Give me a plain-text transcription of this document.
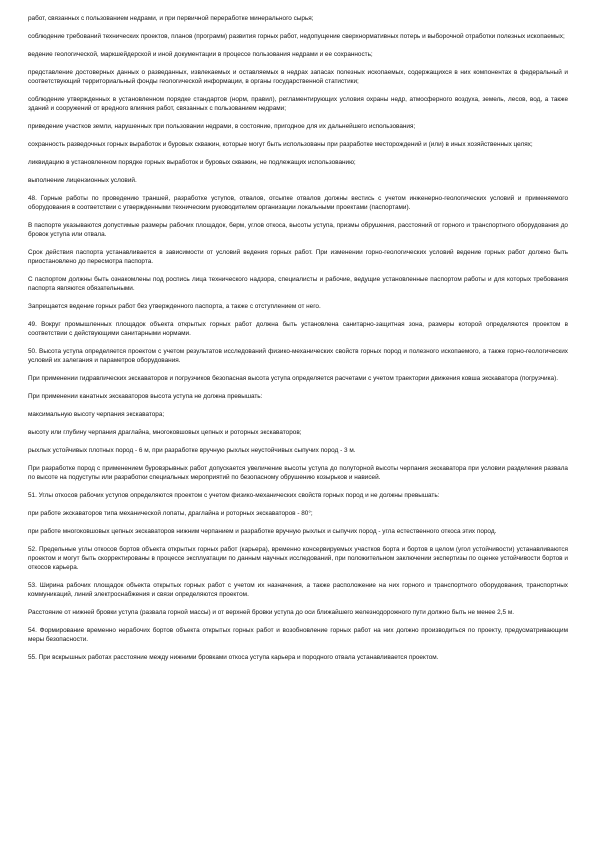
работ, связанных с пользованием недрами, и при первичной переработке минерального сырья;

соблюдение требований технических проектов, планов (программ) развития горных работ, недопущение сверхнормативных потерь и выборочной отработки полезных ископаемых;

ведение геологической, маркшейдерской и иной документации в процессе пользования недрами и ее сохранность;

представление достоверных данных о разведанных, извлекаемых и оставляемых в недрах запасах полезных ископаемых, содержащихся в них компонентах в федеральный и соответствующий территориальный фонды геологической информации, в органы государственной статистики;

соблюдение утвержденных в установленном порядке стандартов (норм, правил), регламентирующих условия охраны недр, атмосферного воздуха, земель, лесов, вод, а также зданий и сооружений от вредного влияния работ, связанных с пользованием недрами;

приведение участков земли, нарушенных при пользовании недрами, в состояние, пригодное для их дальнейшего использования;

сохранность разведочных горных выработок и буровых скважин, которые могут быть использованы при разработке месторождений и (или) в иных хозяйственных целях;

ликвидацию в установленном порядке горных выработок и буровых скважин, не подлежащих использованию;

выполнение лицензионных условий.

48. Горные работы по проведению траншей, разработке уступов, отвалов, отсыпке отвалов должны вестись с учетом инженерно-геологических условий и применяемого оборудования в соответствии с утвержденными техническим руководителем организации локальными проектами (паспортами).

В паспорте указываются допустимые размеры рабочих площадок, берм, углов откоса, высоты уступа, призмы обрушения, расстояний от горного и транспортного оборудования до бровок уступа или отвала.

Срок действия паспорта устанавливается в зависимости от условий ведения горных работ. При изменении горно-геологических условий ведение горных работ должно быть приостановлено до пересмотра паспорта.

С паспортом должны быть ознакомлены под роспись лица технического надзора, специалисты и рабочие, ведущие установленные паспортом работы и для которых требования паспорта являются обязательными.

Запрещается ведение горных работ без утвержденного паспорта, а также с отступлением от него.

49. Вокруг промышленных площадок объекта открытых горных работ должна быть установлена санитарно-защитная зона, размеры которой определяются проектом в соответствии с действующими санитарными нормами.

50. Высота уступа определяется проектом с учетом результатов исследований физико-механических свойств горных пород и полезного ископаемого, а также горно-геологических условий их залегания и параметров оборудования.

При применении гидравлических экскаваторов и погрузчиков безопасная высота уступа определяется расчетами с учетом траектории движения ковша экскаватора (погрузчика).

При применении канатных экскаваторов высота уступа не должна превышать:

максимальную высоту черпания экскаватора;

высоту или глубину черпания драглайна, многоковшовых цепных и роторных экскаваторов;

рыхлых устойчивых плотных пород - 6 м, при разработке вручную рыхлых неустойчивых сыпучих пород - 3 м.

При разработке пород с применением буровзрывных работ допускается увеличение высоты уступа до полуторной высоты черпания экскаватора при условии разделения развала по высоте на подуступы или разработки специальных мероприятий по безопасному обрушению козырьков и нависей.

51. Углы откосов рабочих уступов определяются проектом с учетом физико-механических свойств горных пород и не должны превышать:

при работе экскаваторов типа механической лопаты, драглайна и роторных экскаваторов - 80°;

при работе многоковшовых цепных экскаваторов нижним черпанием и разработке вручную рыхлых и сыпучих пород - угла естественного откоса этих пород.

52. Предельные углы откосов бортов объекта открытых горных работ (карьера), временно консервируемых участков борта и бортов в целом (угол устойчивости) устанавливаются проектом и могут быть скорректированы в процессе эксплуатации по данным научных исследований, при положительном заключении экспертизы по оценке устойчивости бортов и откосов карьера.

53. Ширина рабочих площадок объекта открытых горных работ с учетом их назначения, а также расположение на них горного и транспортного оборудования, транспортных коммуникаций, линий электроснабжения и связи определяются проектом.

Расстояние от нижней бровки уступа (развала горной массы) и от верхней бровки уступа до оси ближайшего железнодорожного пути должно быть не менее 2,5 м.

54. Формирование временно нерабочих бортов объекта открытых горных работ и возобновление горных работ на них должно производиться по проекту, предусматривающим меры безопасности.

55. При вскрышных работах расстояние между нижними бровками откоса уступа карьера и породного отвала устанавливается проектом.
